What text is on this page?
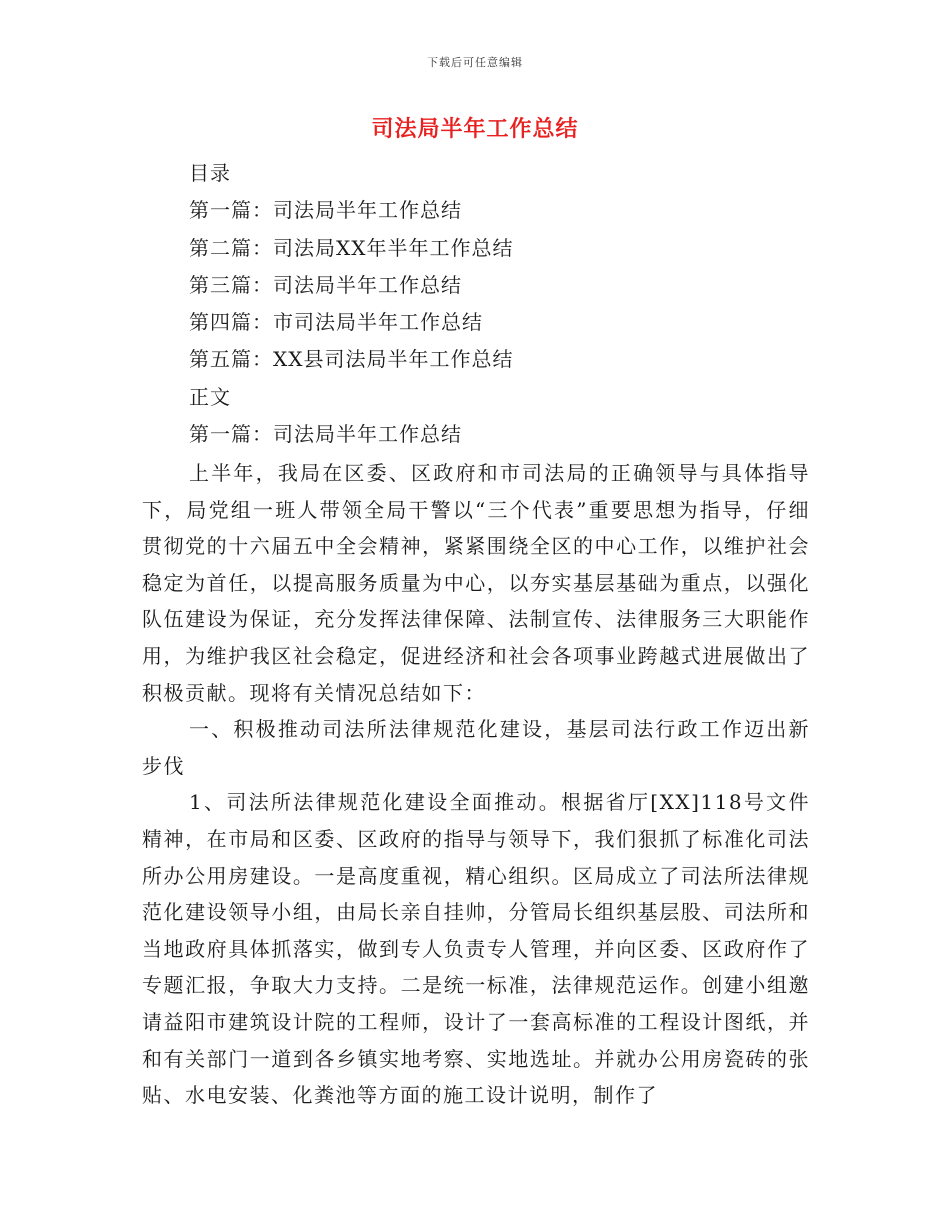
下载后可任意编辑
司法局半年工作总结
目录
第一篇：司法局半年工作总结
第二篇：司法局XX年半年工作总结
第三篇：司法局半年工作总结
第四篇：市司法局半年工作总结
第五篇：XX县司法局半年工作总结
正文
第一篇：司法局半年工作总结

上半年，我局在区委、区政府和市司法局的正确领导与具体指导下，局党组一班人带领全局干警以“三个代表”重要思想为指导，仔细贯彻党的十六届五中全会精神，紧紧围绕全区的中心工作，以维护社会稳定为首任，以提高服务质量为中心，以夯实基层基础为重点，以强化队伍建设为保证，充分发挥法律保障、法制宣传、法律服务三大职能作用，为维护我区社会稳定，促进经济和社会各项事业跨越式进展做出了积极贡献。现将有关情况总结如下：

一、积极推动司法所法律规范化建设，基层司法行政工作迈出新步伐

1、司法所法律规范化建设全面推动。根据省厅[XX]118号文件精神，在市局和区委、区政府的指导与领导下，我们狠抓了标准化司法所办公用房建设。一是高度重视，精心组织。区局成立了司法所法律规范化建设领导小组，由局长亲自挂帅，分管局长组织基层股、司法所和当地政府具体抓落实，做到专人负责专人管理，并向区委、区政府作了专题汇报，争取大力支持。二是统一标准，法律规范运作。创建小组邀请益阳市建筑设计院的工程师，设计了一套高标准的工程设计图纸，并和有关部门一道到各乡镇实地考察、实地选址。并就办公用房瓷砖的张贴、水电安装、化粪池等方面的施工设计说明，制作了
